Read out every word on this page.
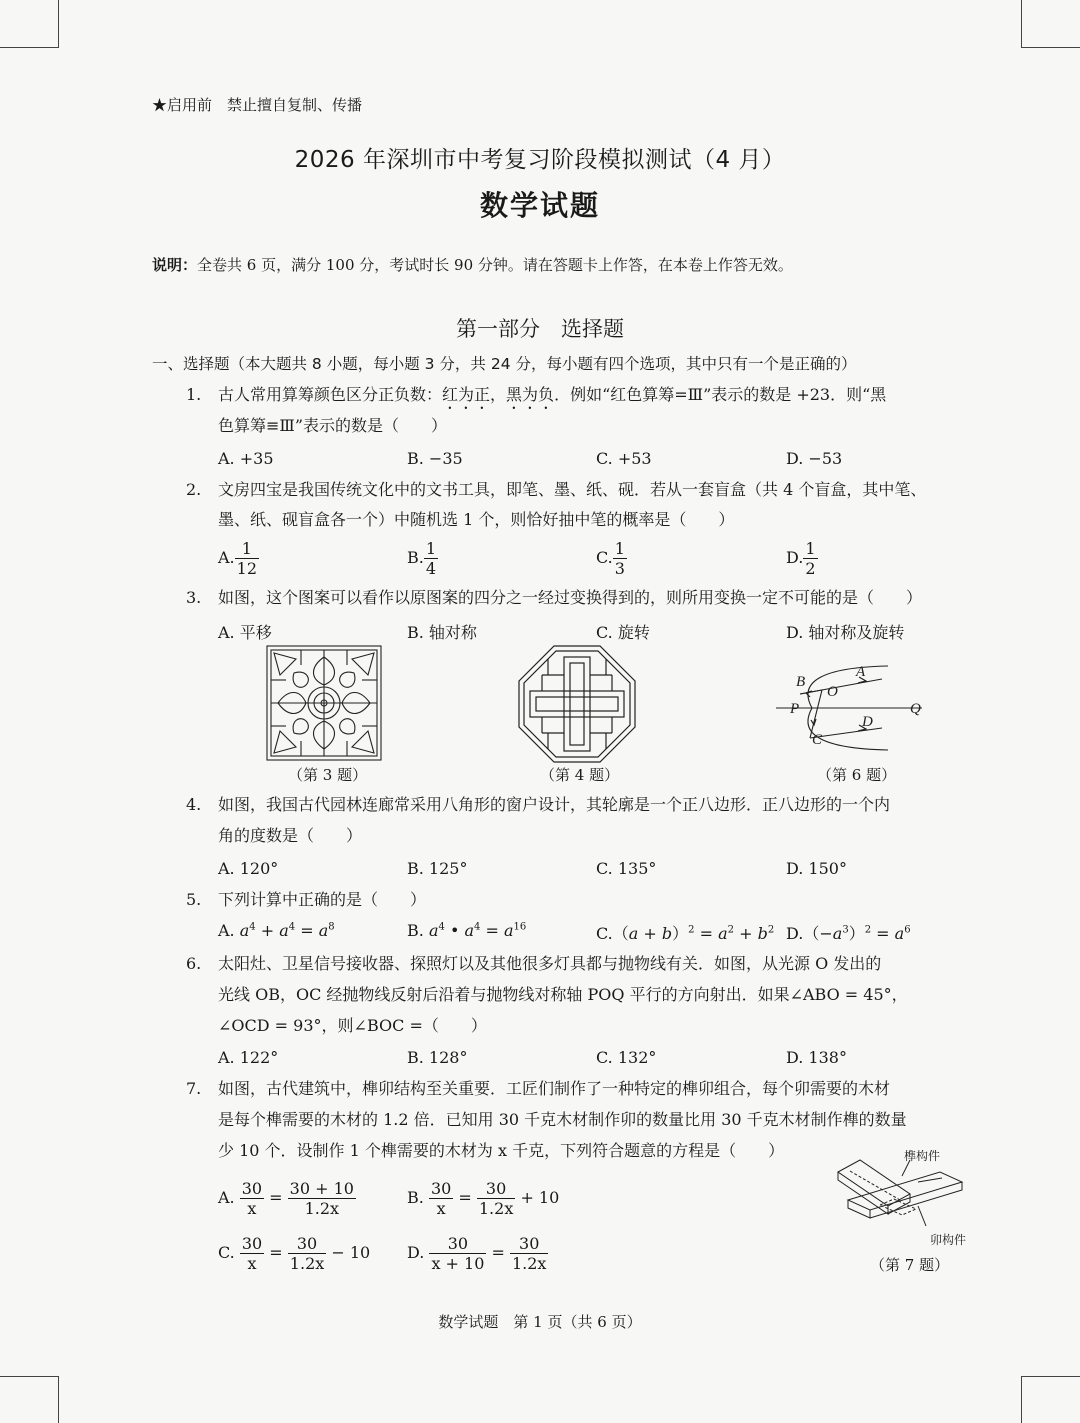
★启用前　禁止擅自复制、传播
2026 年深圳市中考复习阶段模拟测试（4 月）
数学试题
说明：全卷共 6 页，满分 100 分，考试时长 90 分钟。请在答题卡上作答，在本卷上作答无效。
第一部分　选择题
一、选择题（本大题共 8 小题，每小题 3 分，共 24 分，每小题有四个选项，其中只有一个是正确的）
1. 古人常用算筹颜色区分正负数：红为正，黑为负．例如“红色算筹=Ⅲ”表示的数是 +23．则“黑
色算筹≡Ⅲ”表示的数是（　　）
A. +35	B. −35	C. +53	D. −53
2. 文房四宝是我国传统文化中的文书工具，即笔、墨、纸、砚．若从一套盲盒（共 4 个盲盒，其中笔、
墨、纸、砚盲盒各一个）中随机选 1 个，则恰好抽中笔的概率是（　　）
A. $\frac{1}{12}$	B. $\frac{1}{4}$	C. $\frac{1}{3}$	D. $\frac{1}{2}$
3. 如图，这个图案可以看作以原图案的四分之一经过变换得到的，则所用变换一定不可能的是（　　）
A. 平移	B. 轴对称	C. 旋转	D. 轴对称及旋转
（第 3 题）	（第 4 题）
A
B
O
P	Q
D
C
（第 6 题）
4. 如图，我国古代园林连廊常采用八角形的窗户设计，其轮廓是一个正八边形．正八边形的一个内
角的度数是（　　）
A. 120°	B. 125°	C. 135°	D. 150°
5. 下列计算中正确的是（　　）
A. $a^4 + a^4 = a^8$	B. $a^4$ • $a^4 = a^{16}$	$C.(a + b)^2 = a^2 + b^2$ $D.(-a^3)^2 = a^6$
6. 太阳灶、卫星信号接收器、探照灯以及其他很多灯具都与抛物线有关．如图，从光源 O 发出的
光线 OB，OC 经抛物线反射后沿着与抛物线对称轴 POQ 平行的方向射出．如果∠ABO = 45°，
∠OCD = 93°，则∠BOC =（　　）
A. 122°	B. 128°	C. 132°	D. 138°
7. 如图，古代建筑中，榫卯结构至关重要．工匠们制作了一种特定的榫卯组合，每个卯需要的木材
是每个榫需要的木材的 1.2 倍．已知用 30 千克木材制作卯的数量比用 30 千克木材制作榫的数量
少 10 个．设制作 1 个榫需要的木材为 x 千克，下列符合题意的方程是（　　）
A. $\frac{30}{x} = \frac{30 + 10}{1.2x}$	B. $\frac{30}{x} = \frac{30}{1.2x} + 10$
C. $\frac{30}{x} = \frac{30}{1.2x} - 10$ D. $\frac{30}{x + 10} = \frac{30}{1.2x}$
榫构件
卯构件
（第 7 题）
数学试题　第 1 页（共 6 页）
